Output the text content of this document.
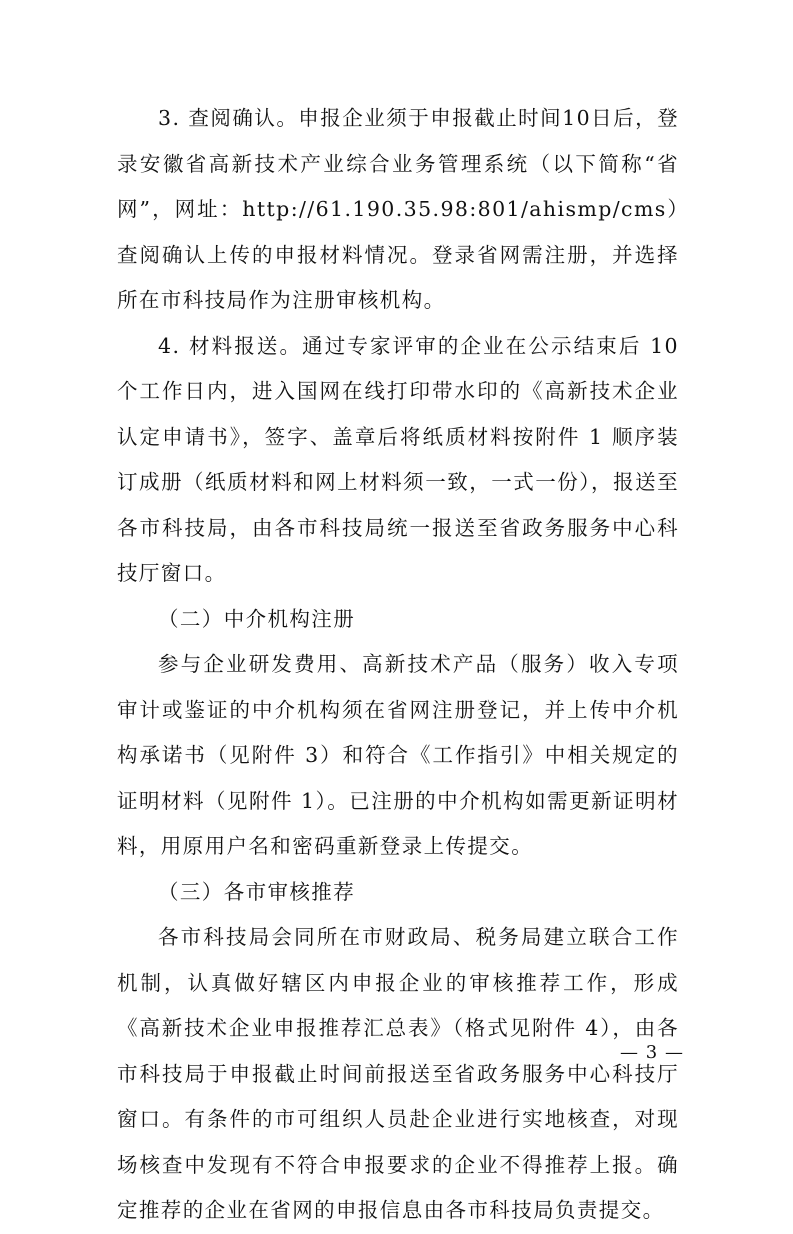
3. 查阅确认。申报企业须于申报截止时间10日后，登录安徽省高新技术产业综合业务管理系统（以下简称“省网”，网址：http://61.190.35.98:801/ahismp/cms）查阅确认上传的申报材料情况。登录省网需注册，并选择所在市科技局作为注册审核机构。

4. 材料报送。通过专家评审的企业在公示结束后 10 个工作日内，进入国网在线打印带水印的《高新技术企业认定申请书》，签字、盖章后将纸质材料按附件 1 顺序装订成册（纸质材料和网上材料须一致，一式一份），报送至各市科技局，由各市科技局统一报送至省政务服务中心科技厅窗口。

（二）中介机构注册

参与企业研发费用、高新技术产品（服务）收入专项审计或鉴证的中介机构须在省网注册登记，并上传中介机构承诺书（见附件 3）和符合《工作指引》中相关规定的证明材料（见附件 1）。已注册的中介机构如需更新证明材料，用原用户名和密码重新登录上传提交。

（三）各市审核推荐

各市科技局会同所在市财政局、税务局建立联合工作机制，认真做好辖区内申报企业的审核推荐工作，形成《高新技术企业申报推荐汇总表》（格式见附件 4），由各市科技局于申报截止时间前报送至省政务服务中心科技厅窗口。有条件的市可组织人员赴企业进行实地核查，对现场核查中发现有不符合申报要求的企业不得推荐上报。确定推荐的企业在省网的申报信息由各市科技局负责提交。

— 3 —
